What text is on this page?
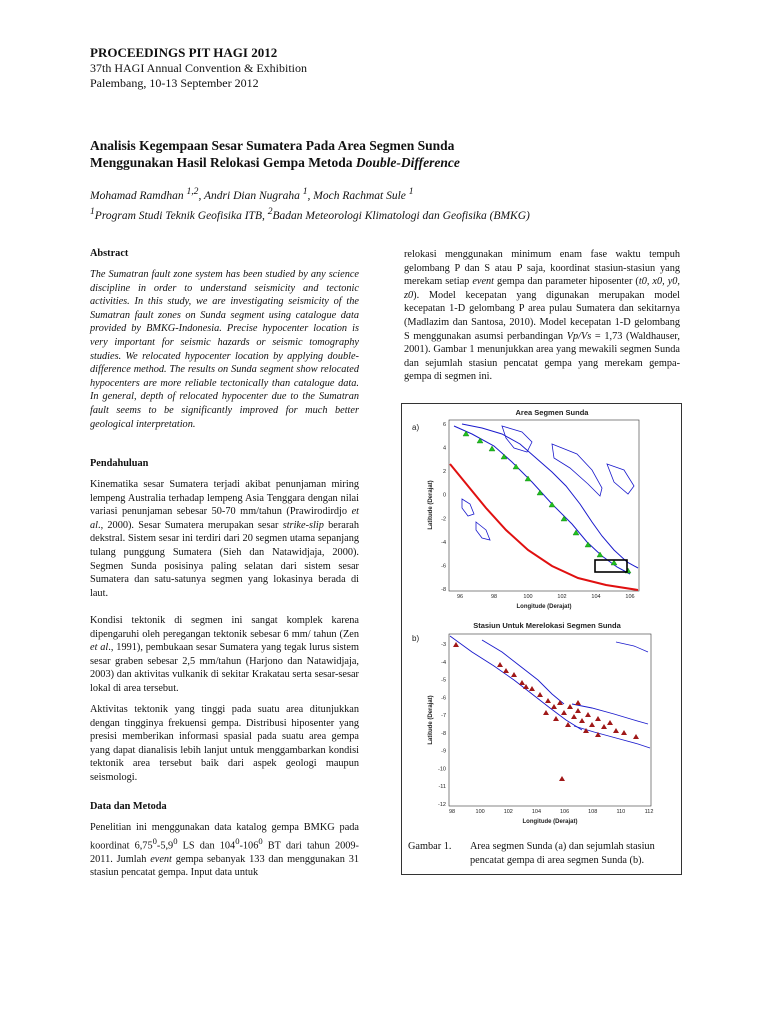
PROCEEDINGS PIT HAGI 2012
37th HAGI Annual Convention & Exhibition
Palembang, 10-13 September 2012
Analisis Kegempaan Sesar Sumatera Pada Area Segmen Sunda
Menggunakan Hasil Relokasi Gempa Metoda Double-Difference
Mohamad Ramdhan $^{1,2}$, Andri Dian Nugraha $^1$, Moch Rachmat Sule $^1$
$^1$Program Studi Teknik Geofisika ITB, $^2$Badan Meteorologi Klimatologi dan Geofisika (BMKG)
Abstract
The Sumatran fault zone system has been studied by any science discipline in order to understand seismicity and tectonic activities. In this study, we are investigating seismicity of the Sumatran fault zones on Sunda segment using catalogue data provided by BMKG-Indonesia. Precise hypocenter location is very important for seismic hazards or seismic tomography studies. We relocated hypocenter location by applying double-difference method. The results on Sunda segment show relocated hypocenters are more reliable tectonically than catalogue data. In general, depth of relocated hypocenter due to the Sumatran fault seems to be significantly improved for much better geological interpretation.
Pendahuluan
Kinematika sesar Sumatera terjadi akibat penunjaman miring lempeng Australia terhadap lempeng Asia Tenggara dengan nilai variasi penunjaman sebesar 50-70 mm/tahun (Prawirodirdjo et al., 2000). Sesar Sumatera merupakan sesar strike-slip berarah dekstral. Sistem sesar ini terdiri dari 20 segmen utama sepanjang tulang punggung Sumatera (Sieh dan Natawidjaja, 2000). Segmen Sunda posisinya paling selatan dari sistem sesar Sumatera dan satu-satunya segmen yang lokasinya berada di laut.
Kondisi tektonik di segmen ini sangat komplek karena dipengaruhi oleh peregangan tektonik sebesar 6 mm/ tahun (Zen et al., 1991), pembukaan sesar Sumatera yang tegak lurus sistem sesar graben sebesar 2,5 mm/tahun (Harjono dan Natawidjaja, 2003) dan aktivitas vulkanik di sekitar Krakatau serta sesar-sesar lokal di area tersebut.
Aktivitas tektonik yang tinggi pada suatu area ditunjukkan dengan tingginya frekuensi gempa. Distribusi hiposenter yang presisi memberikan informasi spasial pada suatu area gempa yang dapat dianalisis lebih lanjut untuk menggambarkan kondisi tektonik area tersebut baik dari aspek geologi maupun seismologi.
Data dan Metoda
Penelitian ini menggunakan data katalog gempa BMKG pada koordinat $6,75^0-5,9^0$ LS dan $104^0-106^0$ BT dari tahun 2009-2011. Jumlah event gempa sebanyak 133 dan menggunakan 31 stasiun pencatat gempa. Input data untuk
relokasi menggunakan minimum enam fase waktu tempuh gelombang P dan S atau P saja, koordinat stasiun-stasiun yang merekam setiap event gempa dan parameter hiposenter (t0, x0, y0, z0). Model kecepatan yang digunakan merupakan model kecepatan 1-D gelombang P area pulau Sumatera dan sekitarnya (Madlazim dan Santosa, 2010). Model kecepatan 1-D gelombang S menggunakan asumsi perbandingan Vp/Vs = 1,73 (Waldhauser, 2001). Gambar 1 menunjukkan area yang mewakili segmen Sunda dan sejumlah stasiun pencatat gempa yang merekam gempa-gempa di segmen ini.
Area Segmen Sunda
a)
96	98	100	102	104	106
6
4
2
0
-2
-4
-6
-8
Longitude (Derajat)
Latitude (Derajat)
Stasiun Untuk Merelokasi Segmen Sunda
b)
98	100	102	104	106	108	110	112
-3
-4
-5
-6
-7
-8
-9
-10
-11
-12
Longitude (Derajat)
Latitude (Derajat)
Gambar 1.	Area segmen Sunda (a) dan sejumlah stasiun pencatat gempa di area segmen Sunda (b).
